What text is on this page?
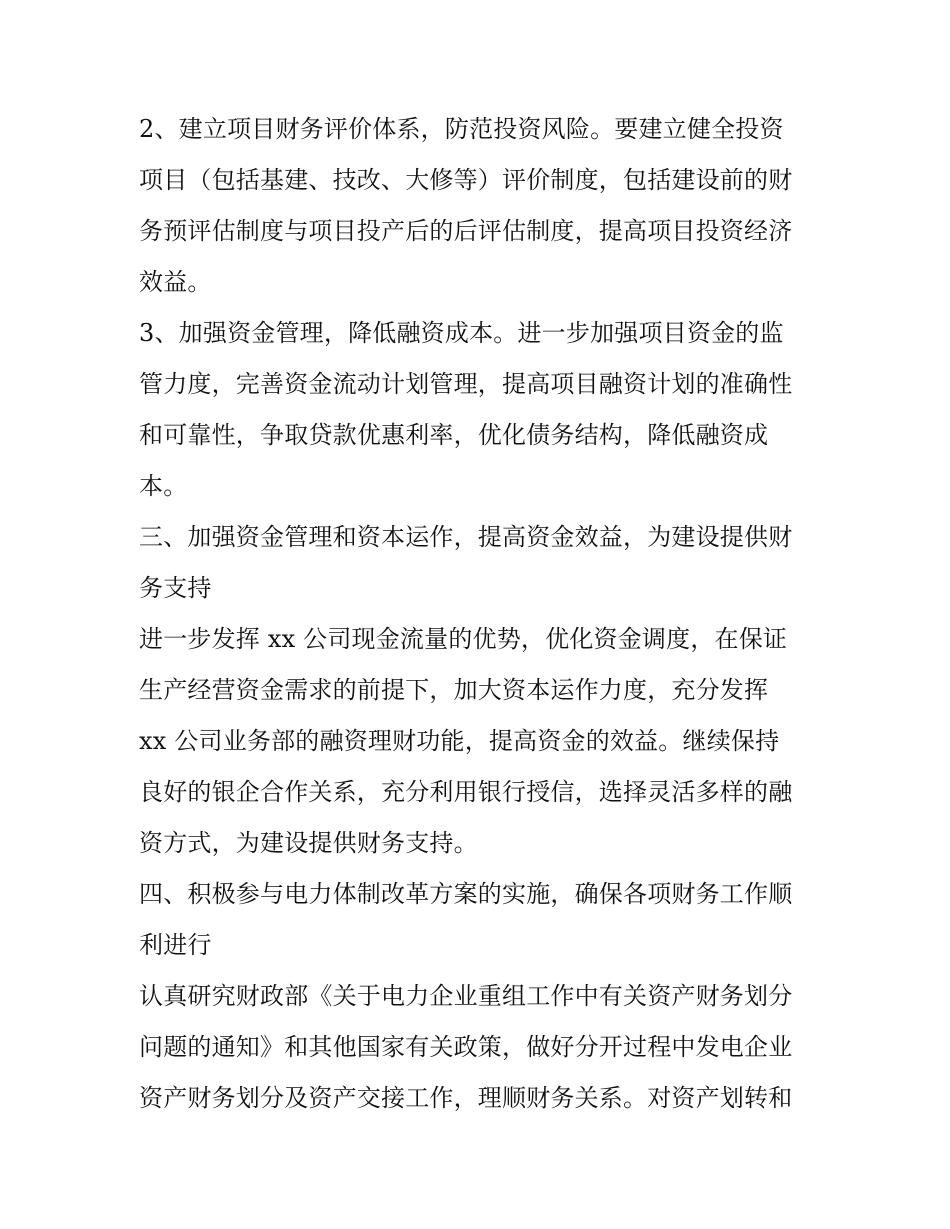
2、建立项目财务评价体系，防范投资风险。要建立健全投资
项目（包括基建、技改、大修等）评价制度，包括建设前的财
务预评估制度与项目投产后的后评估制度，提高项目投资经济
效益。
3、加强资金管理，降低融资成本。进一步加强项目资金的监
管力度，完善资金流动计划管理，提高项目融资计划的准确性
和可靠性，争取贷款优惠利率，优化债务结构，降低融资成
本。
三、加强资金管理和资本运作，提高资金效益，为建设提供财
务支持
进一步发挥 xx 公司现金流量的优势，优化资金调度，在保证
生产经营资金需求的前提下，加大资本运作力度，充分发挥
xx 公司业务部的融资理财功能，提高资金的效益。继续保持
良好的银企合作关系，充分利用银行授信，选择灵活多样的融
资方式，为建设提供财务支持。
四、积极参与电力体制改革方案的实施，确保各项财务工作顺
利进行
认真研究财政部《关于电力企业重组工作中有关资产财务划分
问题的通知》和其他国家有关政策，做好分开过程中发电企业
资产财务划分及资产交接工作，理顺财务关系。对资产划转和
